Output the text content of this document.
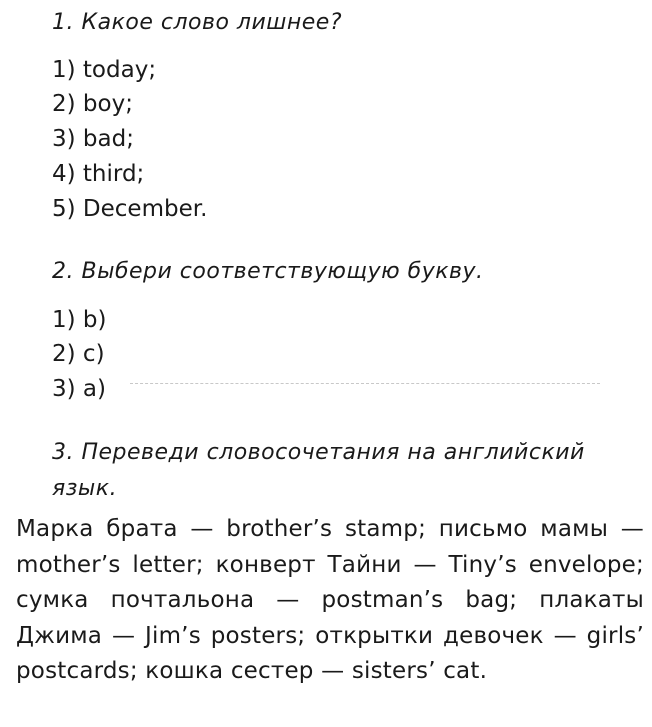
1. Какое слово лишнее?
1) today;
2) boy;
3) bad;
4) third;
5) December.
2. Выбери соответствующую букву.
1) b)
2) c)
3) a)
3. Переведи словосочетания на английский
язык.
Марка брата — brother’s stamp; письмо мамы — mother’s letter; конверт Тайни — Tiny’s envelope; сумка почтальона — postman’s bag; плакаты Джима — Jim’s posters; открытки девочек — girls’ postcards; кошка сестер — sisters’ cat.
